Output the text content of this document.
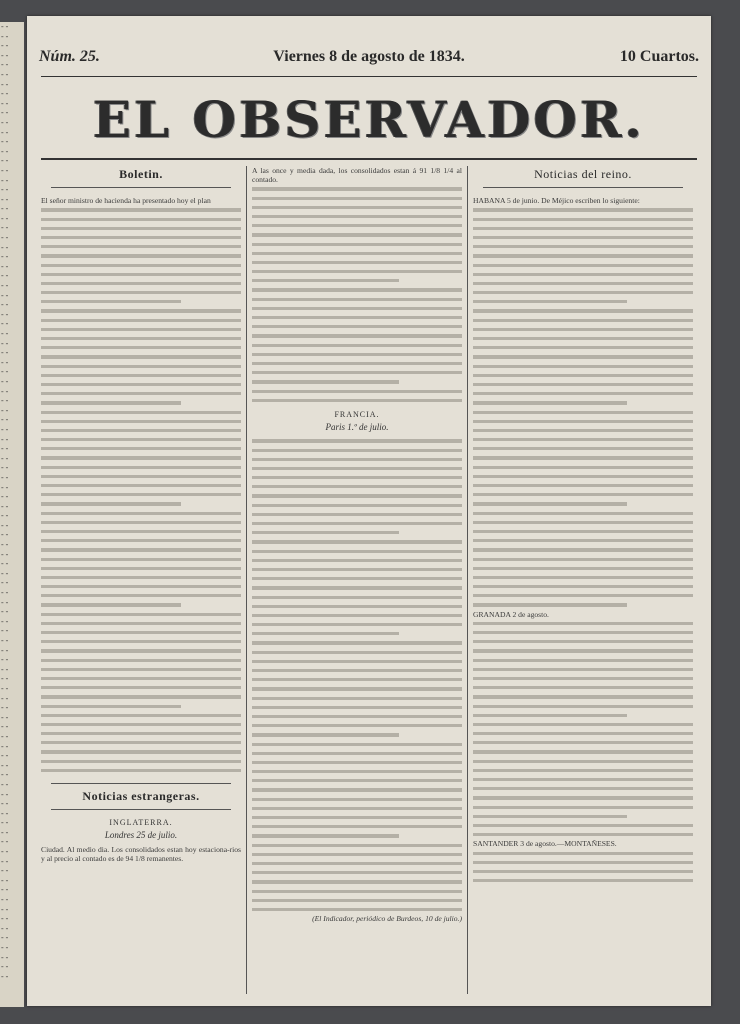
‑ ‑
‑ ‑
‑ ‑
‑ ‑
‑ ‑
‑ ‑
‑ ‑
‑ ‑
‑ ‑
‑ ‑
‑ ‑
‑ ‑
‑ ‑
‑ ‑
‑ ‑
‑ ‑
‑ ‑
‑ ‑
‑ ‑
‑ ‑
‑ ‑
‑ ‑
‑ ‑
‑ ‑
‑ ‑
‑ ‑
‑ ‑
‑ ‑
‑ ‑
‑ ‑
‑ ‑
‑ ‑
‑ ‑
‑ ‑
‑ ‑
‑ ‑
‑ ‑
‑ ‑
‑ ‑
‑ ‑
‑ ‑
‑ ‑
‑ ‑
‑ ‑
‑ ‑
‑ ‑
‑ ‑
‑ ‑
‑ ‑
‑ ‑
‑ ‑
‑ ‑
‑ ‑
‑ ‑
‑ ‑
‑ ‑
‑ ‑
‑ ‑
‑ ‑
‑ ‑
‑ ‑
‑ ‑
‑ ‑
‑ ‑
‑ ‑
‑ ‑
‑ ‑
‑ ‑
‑ ‑
‑ ‑
‑ ‑
‑ ‑
‑ ‑
‑ ‑
‑ ‑
‑ ‑
‑ ‑
‑ ‑
‑ ‑
‑ ‑
‑ ‑
‑ ‑
‑ ‑
‑ ‑
‑ ‑
‑ ‑
‑ ‑
‑ ‑
‑ ‑
‑ ‑
‑ ‑
‑ ‑
‑ ‑
‑ ‑
‑ ‑
‑ ‑
‑ ‑
‑ ‑
‑ ‑
‑ ‑
Núm. 25.	Viernes 8 de agosto de 1834.	10 Cuartos.
EL OBSERVADOR.
Boletin.
El señor ministro de hacienda ha presentado hoy el plan
Noticias estrangeras.
INGLATERRA.
Londres 25 de julio.
Ciudad. Al medio dia. Los consolidados estan hoy estaciona-rios y al precio al contado es de 94 1/8 remanentes.
A las once y media dada, los consolidados estan á 91 1/8 1/4 al contado.
FRANCIA.
Paris 1.º de julio.
(El Indicador, periódico de Burdeos, 10 de julio.)
Noticias del reino.
HABANA 5 de junio. De Méjico escriben lo siguiente:
GRANADA 2 de agosto.
SANTANDER 3 de agosto.—MONTAÑESES.
